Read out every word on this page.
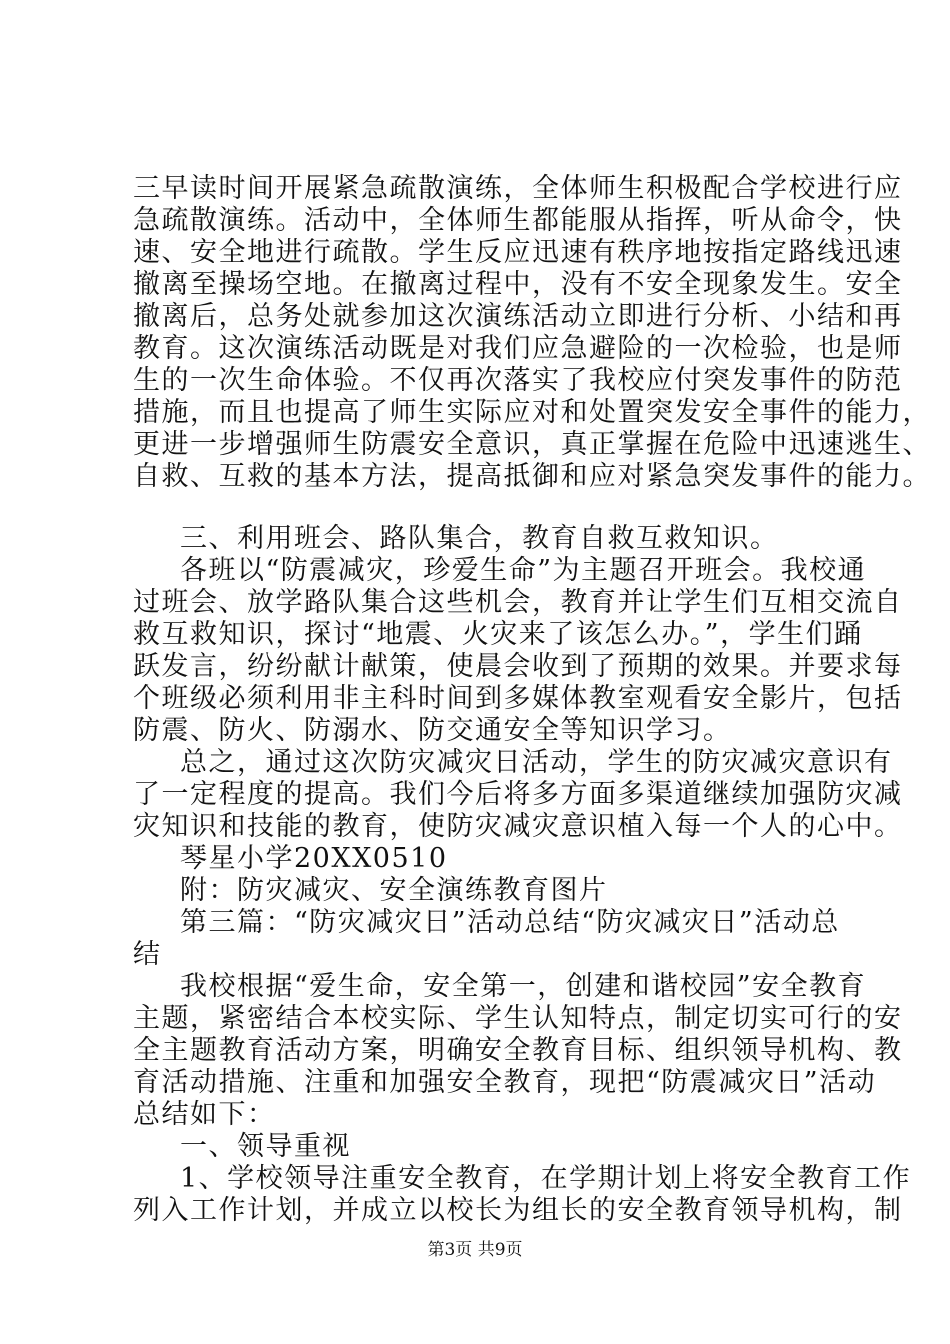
三早读时间开展紧急疏散演练，全体师生积极配合学校进行应
急疏散演练。活动中，全体师生都能服从指挥，听从命令，快
速、安全地进行疏散。学生反应迅速有秩序地按指定路线迅速
撤离至操场空地。在撤离过程中，没有不安全现象发生。安全
撤离后，总务处就参加这次演练活动立即进行分析、小结和再
教育。这次演练活动既是对我们应急避险的一次检验，也是师
生的一次生命体验。不仅再次落实了我校应付突发事件的防范
措施，而且也提高了师生实际应对和处置突发安全事件的能力，
更进一步增强师生防震安全意识，真正掌握在危险中迅速逃生、
自救、互救的基本方法，提高抵御和应对紧急突发事件的能力。
三、利用班会、路队集合，教育自救互救知识。
各班以“防震减灾，珍爱生命”为主题召开班会。我校通
过班会、放学路队集合这些机会，教育并让学生们互相交流自
救互救知识，探讨“地震、火灾来了该怎么办。”，学生们踊
跃发言，纷纷献计献策，使晨会收到了预期的效果。并要求每
个班级必须利用非主科时间到多媒体教室观看安全影片，包括
防震、防火、防溺水、防交通安全等知识学习。
总之，通过这次防灾减灾日活动，学生的防灾减灾意识有
了一定程度的提高。我们今后将多方面多渠道继续加强防灾减
灾知识和技能的教育，使防灾减灾意识植入每一个人的心中。
琴星小学20XX0510
附：防灾减灾、安全演练教育图片
第三篇：“防灾减灾日”活动总结“防灾减灾日”活动总
结
我校根据“爱生命，安全第一，创建和谐校园”安全教育
主题，紧密结合本校实际、学生认知特点，制定切实可行的安
全主题教育活动方案，明确安全教育目标、组织领导机构、教
育活动措施、注重和加强安全教育，现把“防震减灾日”活动
总结如下：
一、领导重视
1、学校领导注重安全教育，在学期计划上将安全教育工作
列入工作计划，并成立以校长为组长的安全教育领导机构，制
第3页 共9页
